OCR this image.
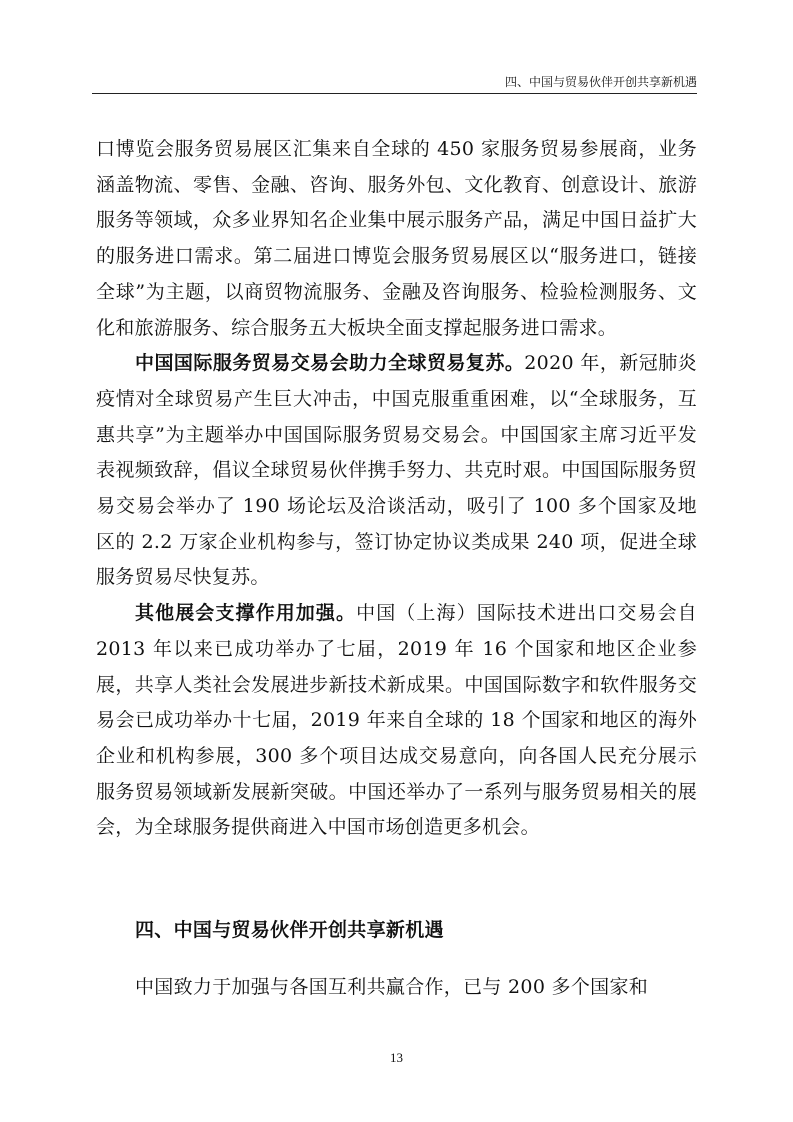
四、中国与贸易伙伴开创共享新机遇

口博览会服务贸易展区汇集来自全球的 450 家服务贸易参展商，业务涵盖物流、零售、金融、咨询、服务外包、文化教育、创意设计、旅游服务等领域，众多业界知名企业集中展示服务产品，满足中国日益扩大的服务进口需求。第二届进口博览会服务贸易展区以“服务进口，链接全球”为主题，以商贸物流服务、金融及咨询服务、检验检测服务、文化和旅游服务、综合服务五大板块全面支撑起服务进口需求。

中国国际服务贸易交易会助力全球贸易复苏。2020 年，新冠肺炎疫情对全球贸易产生巨大冲击，中国克服重重困难，以“全球服务，互惠共享”为主题举办中国国际服务贸易交易会。中国国家主席习近平发表视频致辞，倡议全球贸易伙伴携手努力、共克时艰。中国国际服务贸易交易会举办了 190 场论坛及洽谈活动，吸引了 100 多个国家及地区的 2.2 万家企业机构参与，签订协定协议类成果 240 项，促进全球服务贸易尽快复苏。

其他展会支撑作用加强。中国（上海）国际技术进出口交易会自 2013 年以来已成功举办了七届，2019 年 16 个国家和地区企业参展，共享人类社会发展进步新技术新成果。中国国际数字和软件服务交易会已成功举办十七届，2019 年来自全球的 18 个国家和地区的海外企业和机构参展，300 多个项目达成交易意向，向各国人民充分展示服务贸易领域新发展新突破。中国还举办了一系列与服务贸易相关的展会，为全球服务提供商进入中国市场创造更多机会。

四、中国与贸易伙伴开创共享新机遇

中国致力于加强与各国互利共赢合作，已与 200 多个国家和

13
